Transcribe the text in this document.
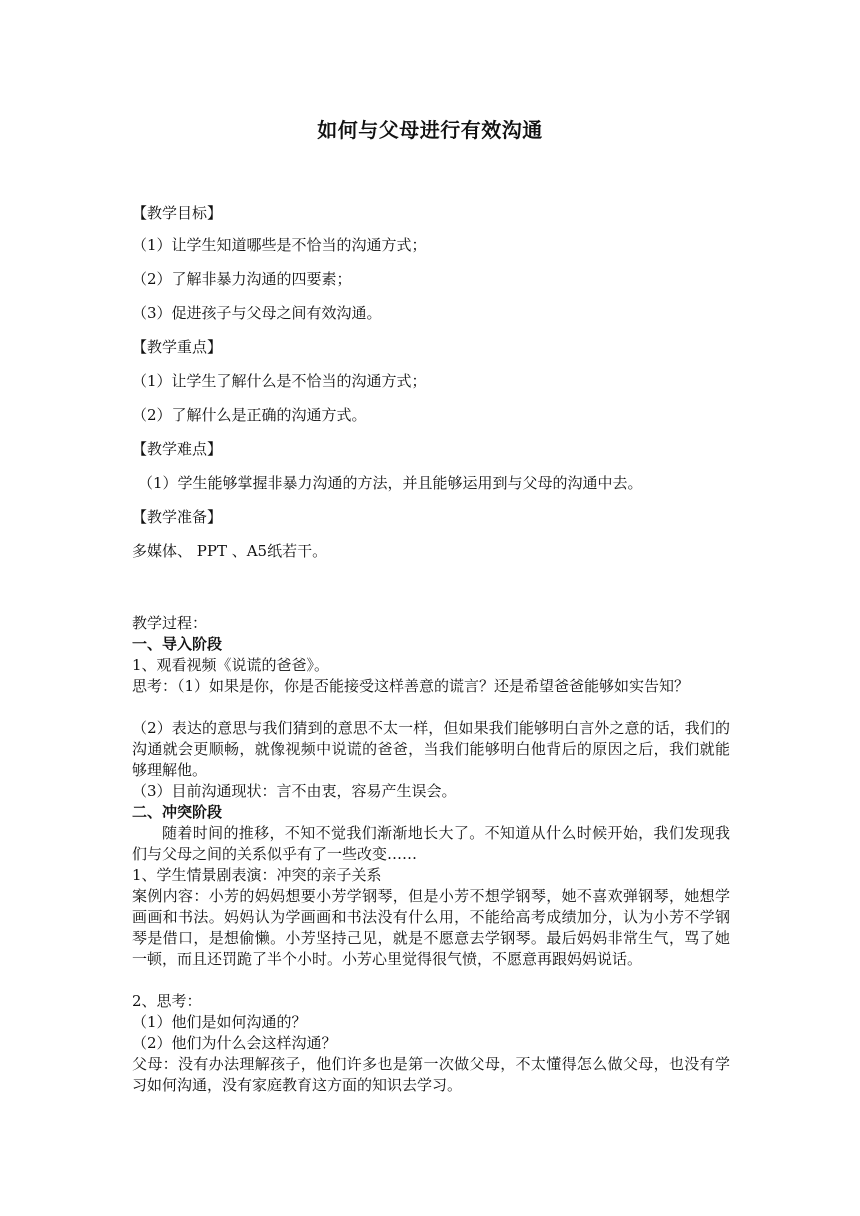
如何与父母进行有效沟通
【教学目标】
（1）让学生知道哪些是不恰当的沟通方式；
（2）了解非暴力沟通的四要素；
（3）促进孩子与父母之间有效沟通。
【教学重点】
（1）让学生了解什么是不恰当的沟通方式；
（2）了解什么是正确的沟通方式。
【教学难点】
（1）学生能够掌握非暴力沟通的方法，并且能够运用到与父母的沟通中去。
【教学准备】
多媒体、 PPT 、A5纸若干。
教学过程：
一、导入阶段
1、观看视频《说谎的爸爸》。
思考：（1）如果是你，你是否能接受这样善意的谎言？还是希望爸爸能够如实告知？
（2）表达的意思与我们猜到的意思不太一样，但如果我们能够明白言外之意的话，我们的沟通就会更顺畅，就像视频中说谎的爸爸，当我们能够明白他背后的原因之后，我们就能够理解他。
（3）目前沟通现状：言不由衷，容易产生误会。
二、冲突阶段
随着时间的推移，不知不觉我们渐渐地长大了。不知道从什么时候开始，我们发现我们与父母之间的关系似乎有了一些改变……
1、学生情景剧表演：冲突的亲子关系
案例内容：小芳的妈妈想要小芳学钢琴，但是小芳不想学钢琴，她不喜欢弹钢琴，她想学画画和书法。妈妈认为学画画和书法没有什么用，不能给高考成绩加分，认为小芳不学钢琴是借口，是想偷懒。小芳坚持己见，就是不愿意去学钢琴。最后妈妈非常生气，骂了她一顿，而且还罚跪了半个小时。小芳心里觉得很气愤，不愿意再跟妈妈说话。
2、思考：
（1）他们是如何沟通的？
（2）他们为什么会这样沟通？
父母：没有办法理解孩子，他们许多也是第一次做父母，不太懂得怎么做父母，也没有学习如何沟通，没有家庭教育这方面的知识去学习。
